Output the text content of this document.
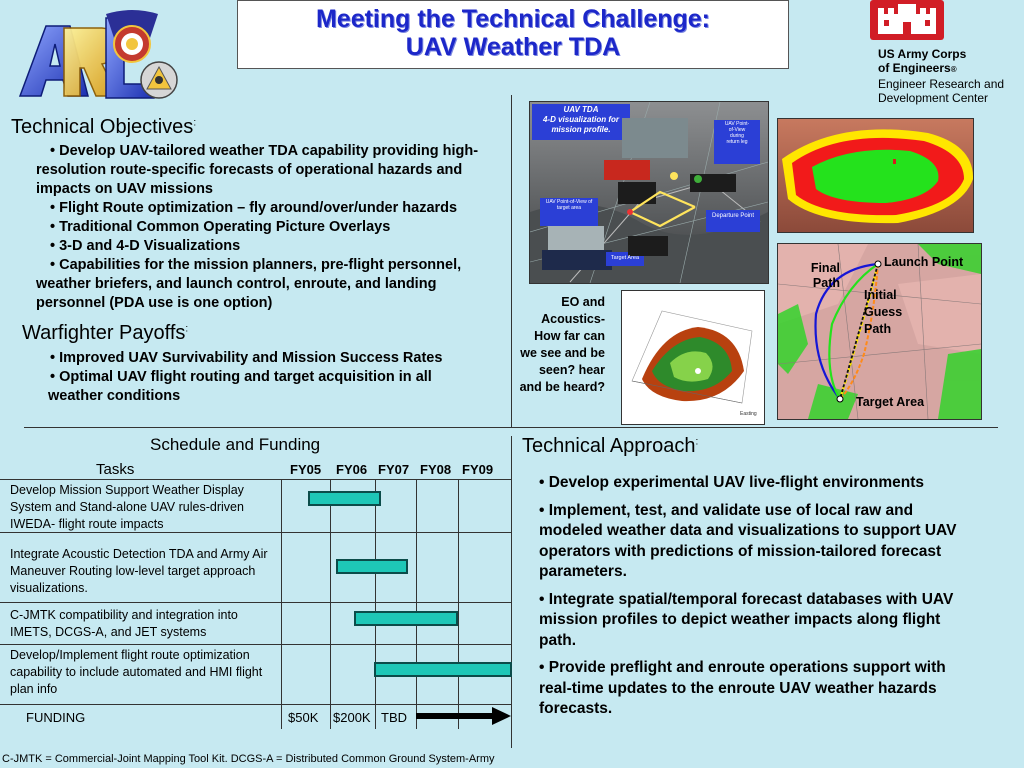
Meeting the Technical Challenge:
UAV Weather TDA	US Army Corps
of Engineers®
Engineer Research and
Development Center
Technical Objectives:
• Develop UAV-tailored weather TDA capability providing high-resolution route-specific forecasts of operational hazards and impacts on UAV missions
• Flight Route optimization – fly around/over/under hazards
• Traditional Common Operating Picture Overlays
• 3-D and 4-D Visualizations
• Capabilities for the mission planners, pre-flight personnel, weather briefers, and launch control, enroute, and landing personnel (PDA use is one option)
Warfighter Payoffs:
• Improved UAV Survivability and Mission Success Rates
• Optimal UAV flight routing and target acquisition in all weather conditions
UAV TDA
4-D visualization for
mission profile.
UAV Point-
of-View
during
return leg
UAV Point-of-View of target area
Departure Point
Target Area
EO and Acoustics- How far can we see and be seen? hear and be heard?
Easting
Launch Point
Final Path
Initial Guess Path
Target Area
Schedule and Funding
Tasks	FY05 FY06 FY07 FY08 FY09
Develop Mission Support Weather Display System and Stand-alone UAV rules-driven IWEDA- flight route impacts
Integrate Acoustic Detection TDA and Army Air Maneuver Routing low-level target approach visualizations.
C-JMTK compatibility and integration into IMETS, DCGS-A, and JET systems
Develop/Implement flight route optimization capability to include automated and HMI flight plan info
FUNDING	$50K $200K TBD
Technical Approach:
• Develop experimental UAV live-flight environments
• Implement, test, and validate use of local raw and modeled weather data and visualizations to support UAV operators with predictions of mission-tailored forecast parameters.
• Integrate spatial/temporal forecast databases with UAV mission profiles to depict weather impacts along flight path.
• Provide preflight and enroute operations support with real-time updates to the enroute UAV weather hazards forecasts.
C-JMTK = Commercial-Joint Mapping Tool Kit. DCGS-A = Distributed Common Ground System-Army
